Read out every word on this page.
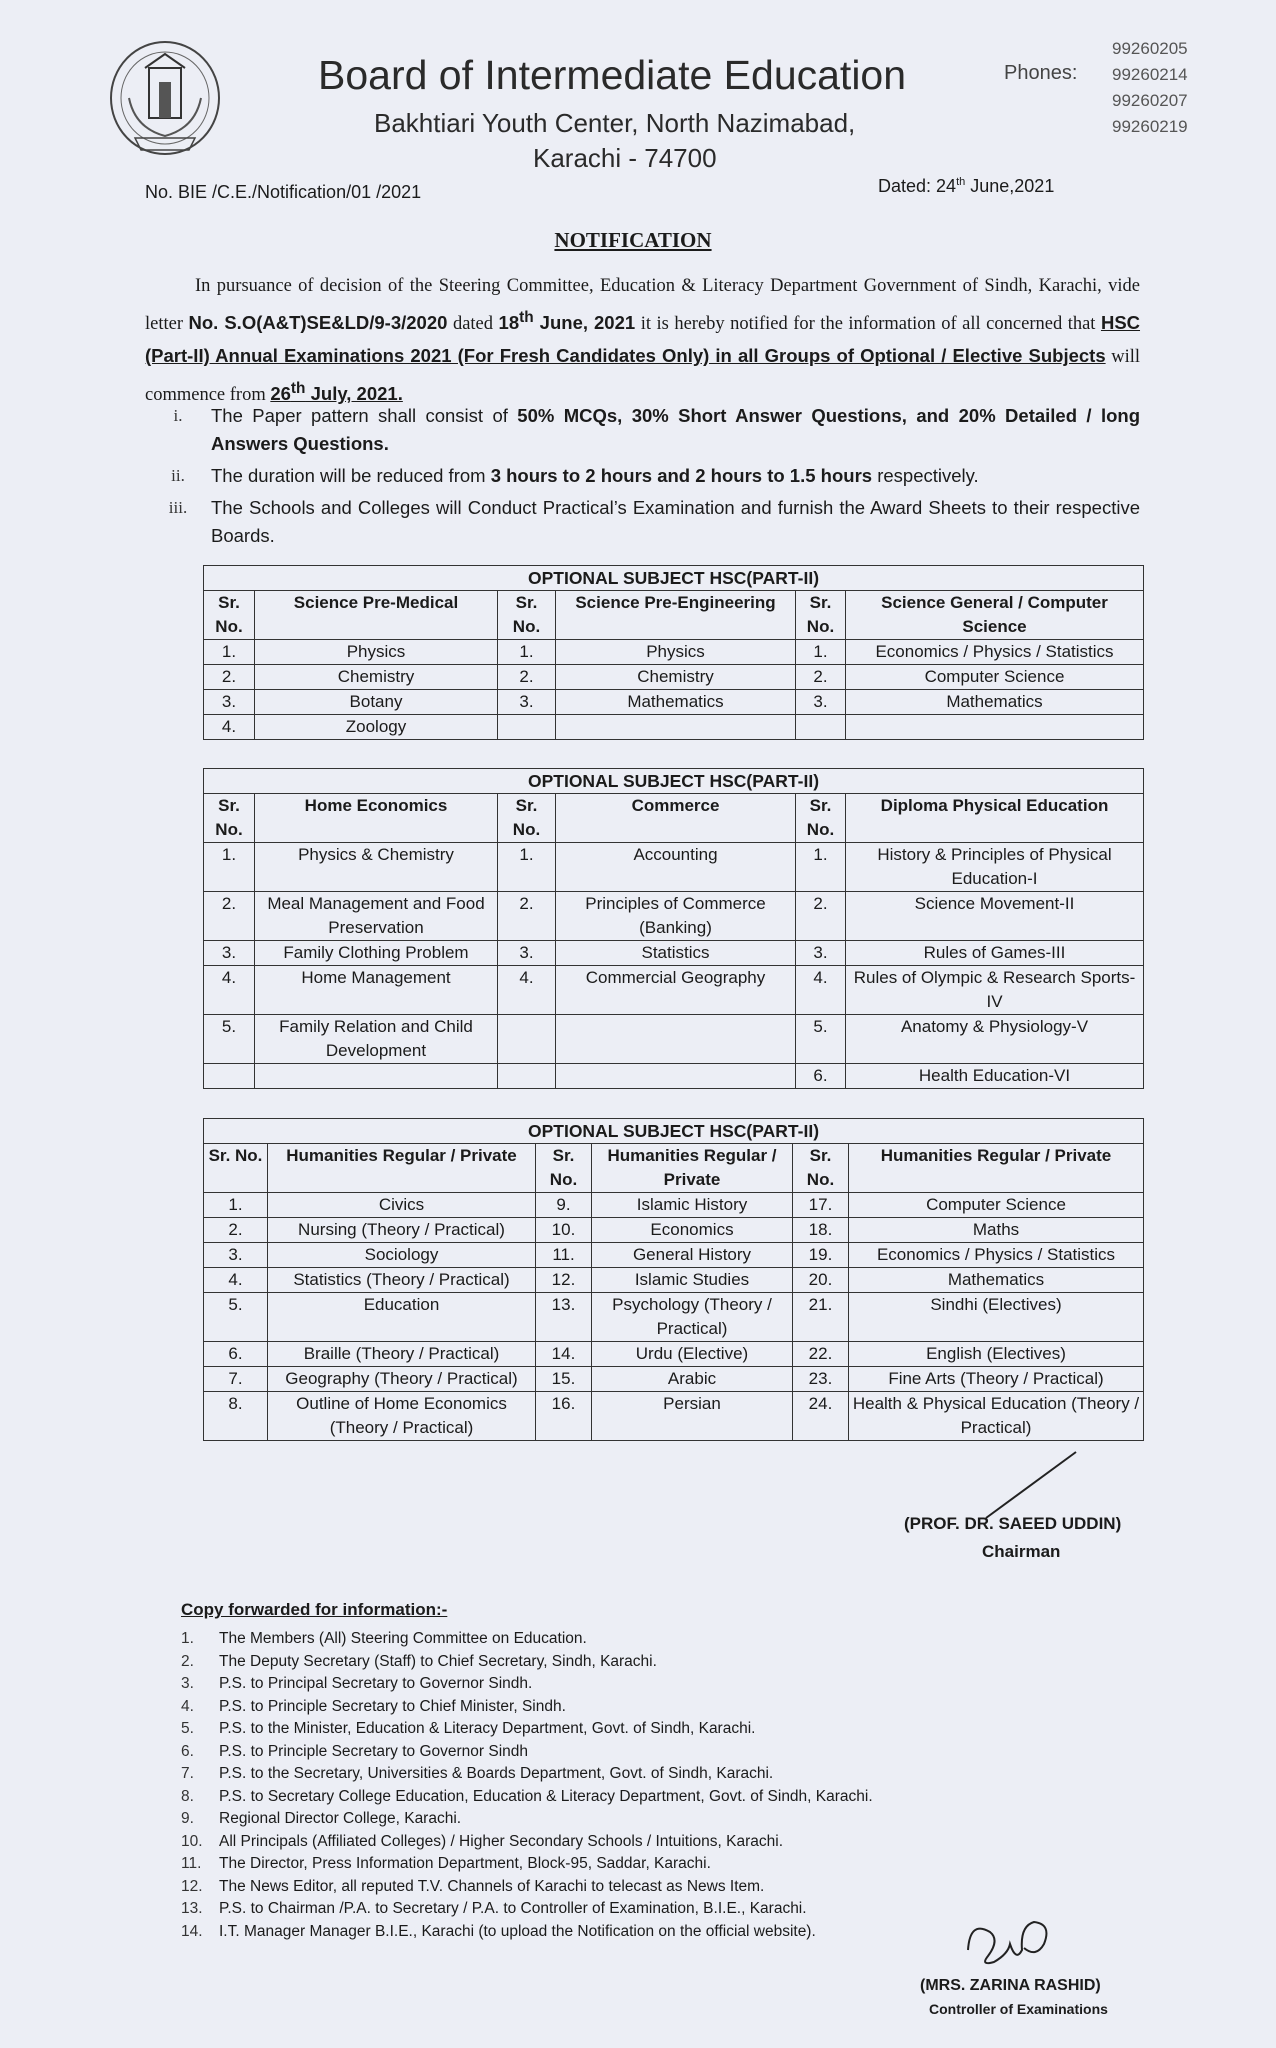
Board of Intermediate Education
Bakhtiari Youth Center, North Nazimabad,
Karachi - 74700
Phones:
99260205
99260214
99260207
99260219
No. BIE /C.E./Notification/01 /2021	Dated: 24th June,2021
NOTIFICATION
In pursuance of decision of the Steering Committee, Education & Literacy Department Government of Sindh, Karachi, vide letter No. S.O(A&T)SE&LD/9-3/2020 dated 18th June, 2021 it is hereby notified for the information of all concerned that HSC (Part-II) Annual Examinations 2021 (For Fresh Candidates Only) in all Groups of Optional / Elective Subjects will commence from 26th July, 2021.
i.	The Paper pattern shall consist of 50% MCQs, 30% Short Answer Questions, and 20% Detailed / long Answers Questions.
ii.	The duration will be reduced from 3 hours to 2 hours and 2 hours to 1.5 hours respectively.
iii.	The Schools and Colleges will Conduct Practical’s Examination and furnish the Award Sheets to their respective Boards.
OPTIONAL SUBJECT HSC(PART-II)					
Sr. No.	Science Pre-Medical	Sr. No.	Science Pre-Engineering	Sr. No.	Science General / Computer Science
1.	Physics	1.	Physics	1.	Economics / Physics / Statistics
2.	Chemistry	2.	Chemistry	2.	Computer Science
3.	Botany	3.	Mathematics	3.	Mathematics
4.	Zoology				
OPTIONAL SUBJECT HSC(PART-II)					
Sr. No.	Home Economics	Sr. No.	Commerce	Sr. No.	Diploma Physical Education
1.	Physics & Chemistry	1.	Accounting	1.	History & Principles of Physical Education-I
2.	Meal Management and Food Preservation	2.	Principles of Commerce (Banking)	2.	Science Movement-II
3.	Family Clothing Problem	3.	Statistics	3.	Rules of Games-III
4.	Home Management	4.	Commercial Geography	4.	Rules of Olympic & Research Sports-IV
5.	Family Relation and Child Development			5.	Anatomy & Physiology-V
				6.	Health Education-VI
OPTIONAL SUBJECT HSC(PART-II)					
Sr. No.	Humanities Regular / Private	Sr. No.	Humanities Regular / Private	Sr. No.	Humanities Regular / Private
1.	Civics	9.	Islamic History	17.	Computer Science
2.	Nursing (Theory / Practical)	10.	Economics	18.	Maths
3.	Sociology	11.	General History	19.	Economics / Physics / Statistics
4.	Statistics (Theory / Practical)	12.	Islamic Studies	20.	Mathematics
5.	Education	13.	Psychology (Theory / Practical)	21.	Sindhi (Electives)
6.	Braille (Theory / Practical)	14.	Urdu (Elective)	22.	English (Electives)
7.	Geography (Theory / Practical)	15.	Arabic	23.	Fine Arts (Theory / Practical)
8.	Outline of Home Economics (Theory / Practical)	16.	Persian	24.	Health & Physical Education (Theory / Practical)
(PROF. DR. SAEED UDDIN)
Chairman
Copy forwarded for information:-
1.	The Members (All) Steering Committee on Education.
2.	The Deputy Secretary (Staff) to Chief Secretary, Sindh, Karachi.
3.	P.S. to Principal Secretary to Governor Sindh.
4.	P.S. to Principle Secretary to Chief Minister, Sindh.
5.	P.S. to the Minister, Education & Literacy Department, Govt. of Sindh, Karachi.
6.	P.S. to Principle Secretary to Governor Sindh
7.	P.S. to the Secretary, Universities & Boards Department, Govt. of Sindh, Karachi.
8.	P.S. to Secretary College Education, Education & Literacy Department, Govt. of Sindh, Karachi.
9.	Regional Director College, Karachi.
10.	All Principals (Affiliated Colleges) / Higher Secondary Schools / Intuitions, Karachi.
11.	The Director, Press Information Department, Block-95, Saddar, Karachi.
12.	The News Editor, all reputed T.V. Channels of Karachi to telecast as News Item.
13.	P.S. to Chairman /P.A. to Secretary / P.A. to Controller of Examination, B.I.E., Karachi.
14.	I.T. Manager Manager B.I.E., Karachi (to upload the Notification on the official website).
(MRS. ZARINA RASHID)
Controller of Examinations
